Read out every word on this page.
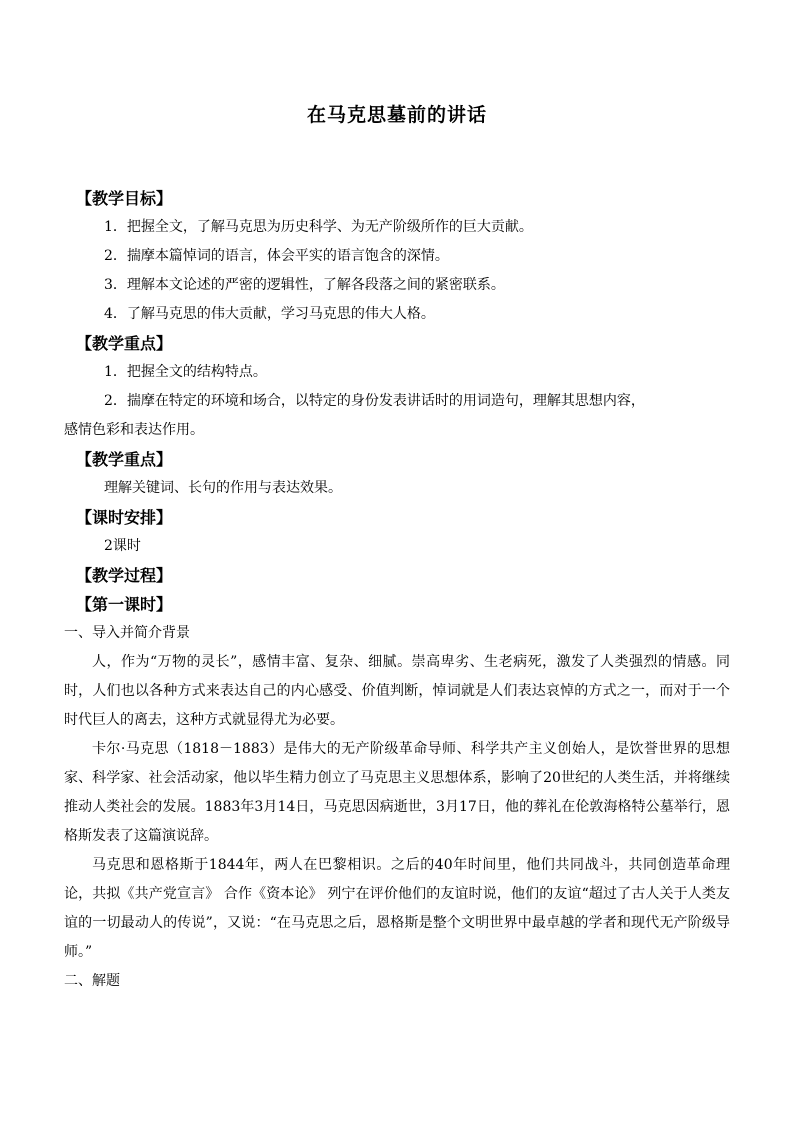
在马克思墓前的讲话
【教学目标】
1．把握全文，了解马克思为历史科学、为无产阶级所作的巨大贡献。
2．揣摩本篇悼词的语言，体会平实的语言饱含的深情。
3．理解本文论述的严密的逻辑性，了解各段落之间的紧密联系。
4．了解马克思的伟大贡献，学习马克思的伟大人格。
【教学重点】
1．把握全文的结构特点。
2．揣摩在特定的环境和场合，以特定的身份发表讲话时的用词造句，理解其思想内容，
感情色彩和表达作用。
【教学重点】
理解关键词、长句的作用与表达效果。
【课时安排】
2课时
【教学过程】
【第一课时】
一、导入并简介背景
人，作为“万物的灵长”，感情丰富、复杂、细腻。崇高卑劣、生老病死，激发了人类强烈的情感。同时，人们也以各种方式来表达自己的内心感受、价值判断，悼词就是人们表达哀悼的方式之一，而对于一个时代巨人的离去，这种方式就显得尤为必要。
卡尔·马克思（1818－1883）是伟大的无产阶级革命导师、科学共产主义创始人，是饮誉世界的思想家、科学家、社会活动家，他以毕生精力创立了马克思主义思想体系，影响了20世纪的人类生活，并将继续推动人类社会的发展。1883年3月14日，马克思因病逝世，3月17日，他的葬礼在伦敦海格特公墓举行，恩格斯发表了这篇演说辞。
马克思和恩格斯于1844年，两人在巴黎相识。之后的40年时间里，他们共同战斗，共同创造革命理论，共拟《共产党宣言》 合作《资本论》 列宁在评价他们的友谊时说，他们的友谊“超过了古人关于人类友谊的一切最动人的传说”，又说：“在马克思之后，恩格斯是整个文明世界中最卓越的学者和现代无产阶级导师。”
二、解题
